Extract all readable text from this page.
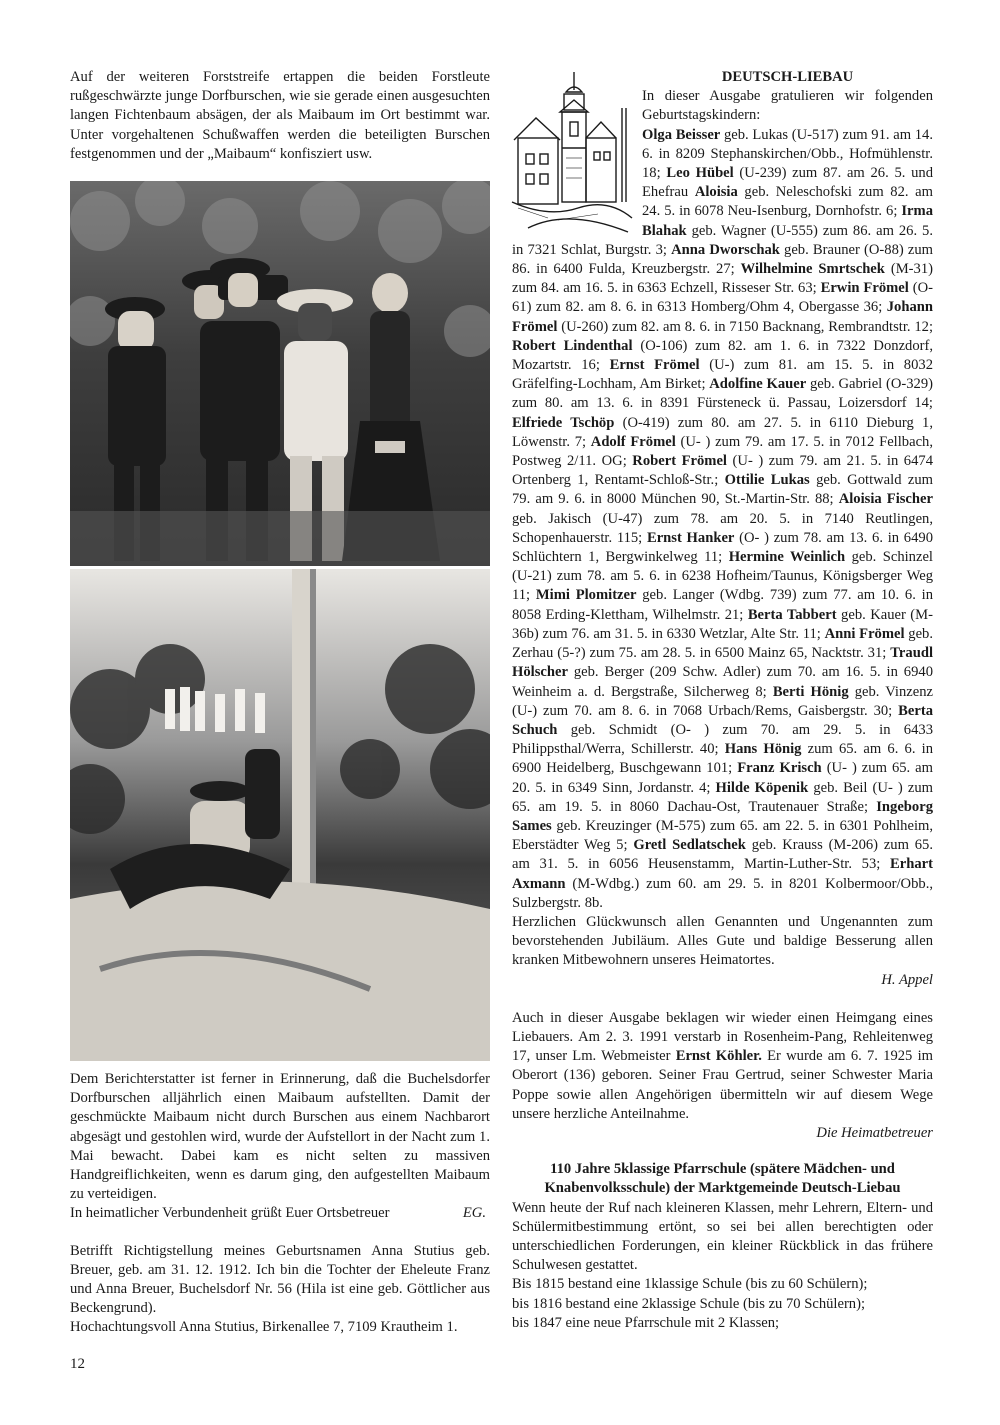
Auf der weiteren Forststreife ertappen die beiden Forstleute rußgeschwärzte junge Dorfburschen, wie sie gerade einen ausgesuchten langen Fichtenbaum absägen, der als Maibaum im Ort bestimmt war. Unter vorgehaltenen Schußwaffen werden die beteiligten Burschen festgenommen und der „Maibaum“ konfisziert usw.

Dem Berichterstatter ist ferner in Erinnerung, daß die Buchelsdorfer Dorfburschen alljährlich einen Maibaum aufstellten. Damit der geschmückte Maibaum nicht durch Burschen aus einem Nachbarort abgesägt und gestohlen wird, wurde der Aufstellort in der Nacht zum 1. Mai bewacht. Dabei kam es nicht selten zu massiven Handgreiflichkeiten, wenn es darum ging, den aufgestellten Maibaum zu verteidigen.

In heimatlicher Verbundenheit grüßt Euer Ortsbetreuer	EG.

Betrifft Richtigstellung meines Geburtsnamen Anna Stutius geb. Breuer, geb. am 31. 12. 1912. Ich bin die Tochter der Eheleute Franz und Anna Breuer, Buchelsdorf Nr. 56 (Hila ist eine geb. Göttlicher aus Beckengrund).

Hochachtungsvoll Anna Stutius, Birkenallee 7, 7109 Krautheim 1.

DEUTSCH-LIEBAU

In dieser Ausgabe gratulieren wir folgenden Geburtstagskindern:

Olga Beisser geb. Lukas (U-517) zum 91. am 14. 6. in 8209 Stephanskirchen/Obb., Hofmühlenstr. 18; Leo Hübel (U-239) zum 87. am 26. 5. und Ehefrau Aloisia geb. Neleschofski zum 82. am 24. 5. in 6078 Neu-Isenburg, Dornhofstr. 6; Irma Blahak geb. Wagner (U-555) zum 86. am 26. 5. in 7321 Schlat, Burgstr. 3; Anna Dworschak geb. Brauner (O-88) zum 86. in 6400 Fulda, Kreuzbergstr. 27; Wilhelmine Smrtschek (M-31) zum 84. am 16. 5. in 6363 Echzell, Risseser Str. 63; Erwin Frömel (O-61) zum 82. am 8. 6. in 6313 Homberg/Ohm 4, Obergasse 36; Johann Frömel (U-260) zum 82. am 8. 6. in 7150 Backnang, Rembrandtstr. 12; Robert Lindenthal (O-106) zum 82. am 1. 6. in 7322 Donzdorf, Mozartstr. 16; Ernst Frömel (U-) zum 81. am 15. 5. in 8032 Gräfelfing-Lochham, Am Birket; Adolfine Kauer geb. Gabriel (O-329) zum 80. am 13. 6. in 8391 Fürsteneck ü. Passau, Loizersdorf 14; Elfriede Tschöp (O-419) zum 80. am 27. 5. in 6110 Dieburg 1, Löwenstr. 7; Adolf Frömel (U- ) zum 79. am 17. 5. in 7012 Fellbach, Postweg 2/11. OG; Robert Frömel (U- ) zum 79. am 21. 5. in 6474 Ortenberg 1, Rentamt-Schloß-Str.; Ottilie Lukas geb. Gottwald zum 79. am 9. 6. in 8000 München 90, St.-Martin-Str. 88; Aloisia Fischer geb. Jakisch (U-47) zum 78. am 20. 5. in 7140 Reutlingen, Schopenhauerstr. 115; Ernst Hanker (O- ) zum 78. am 13. 6. in 6490 Schlüchtern 1, Bergwinkelweg 11; Hermine Weinlich geb. Schinzel (U-21) zum 78. am 5. 6. in 6238 Hofheim/Taunus, Königsberger Weg 11; Mimi Plomitzer geb. Langer (Wdbg. 739) zum 77. am 10. 6. in 8058 Erding-Klettham, Wilhelmstr. 21; Berta Tabbert geb. Kauer (M-36b) zum 76. am 31. 5. in 6330 Wetzlar, Alte Str. 11; Anni Frömel geb. Zerhau (5-?) zum 75. am 28. 5. in 6500 Mainz 65, Nacktstr. 31; Traudl Hölscher geb. Berger (209 Schw. Adler) zum 70. am 16. 5. in 6940 Weinheim a. d. Bergstraße, Silcherweg 8; Berti Hönig geb. Vinzenz (U-) zum 70. am 8. 6. in 7068 Urbach/Rems, Gaisbergstr. 30; Berta Schuch geb. Schmidt (O- ) zum 70. am 29. 5. in 6433 Philippsthal/Werra, Schillerstr. 40; Hans Hönig zum 65. am 6. 6. in 6900 Heidelberg, Buschgewann 101; Franz Krisch (U- ) zum 65. am 20. 5. in 6349 Sinn, Jordanstr. 4; Hilde Köpenik geb. Beil (U- ) zum 65. am 19. 5. in 8060 Dachau-Ost, Trautenauer Straße; Ingeborg Sames geb. Kreuzinger (M-575) zum 65. am 22. 5. in 6301 Pohlheim, Eberstädter Weg 5; Gretl Sedlatschek geb. Krauss (M-206) zum 65. am 31. 5. in 6056 Heusenstamm, Martin-Luther-Str. 53; Erhart Axmann (M-Wdbg.) zum 60. am 29. 5. in 8201 Kolbermoor/Obb., Sulzbergstr. 8b.

Herzlichen Glückwunsch allen Genannten und Ungenannten zum bevorstehenden Jubiläum. Alles Gute und baldige Besserung allen kranken Mitbewohnern unseres Heimatortes.

H. Appel

Auch in dieser Ausgabe beklagen wir wieder einen Heimgang eines Liebauers. Am 2. 3. 1991 verstarb in Rosenheim-Pang, Rehleitenweg 17, unser Lm. Webmeister Ernst Köhler. Er wurde am 6. 7. 1925 im Oberort (136) geboren. Seiner Frau Gertrud, seiner Schwester Maria Poppe sowie allen Angehörigen übermitteln wir auf diesem Wege unsere herzliche Anteilnahme.

Die Heimatbetreuer

110 Jahre 5klassige Pfarrschule (spätere Mädchen- und Knabenvolksschule) der Marktgemeinde Deutsch-Liebau

Wenn heute der Ruf nach kleineren Klassen, mehr Lehrern, Eltern- und Schülermitbestimmung ertönt, so sei bei allen berechtigten oder unterschiedlichen Forderungen, ein kleiner Rückblick in das frühere Schulwesen gestattet.

Bis 1815 bestand eine 1klassige Schule (bis zu 60 Schülern);

bis 1816 bestand eine 2klassige Schule (bis zu 70 Schülern);

bis 1847 eine neue Pfarrschule mit 2 Klassen;

12
